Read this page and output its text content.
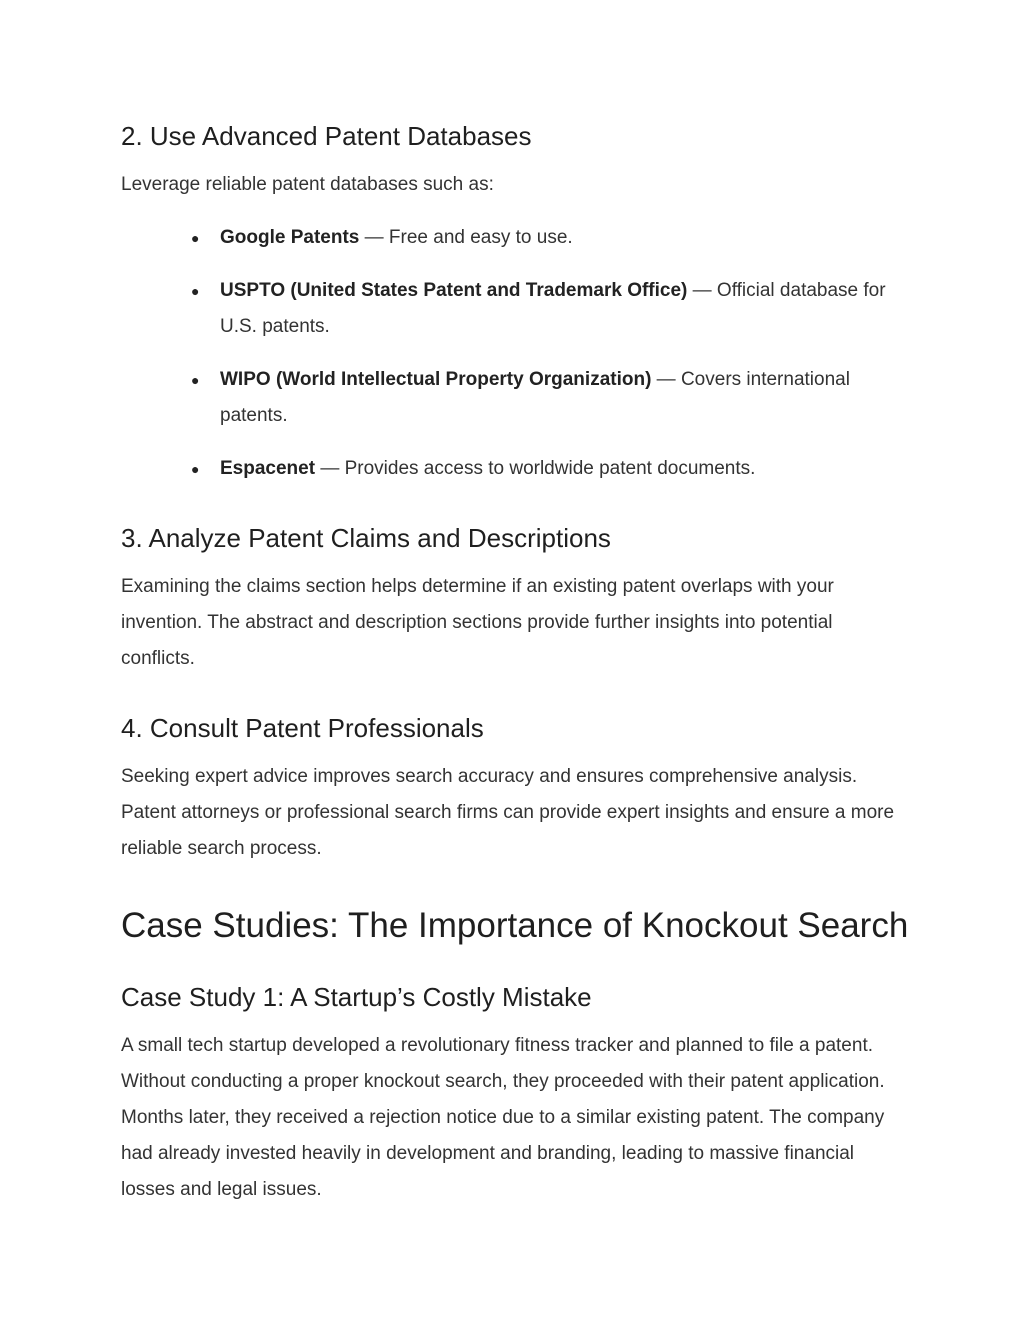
2. Use Advanced Patent Databases

Leverage reliable patent databases such as:

● Google Patents — Free and easy to use.
● USPTO (United States Patent and Trademark Office) — Official database for U.S. patents.
● WIPO (World Intellectual Property Organization) — Covers international patents.
● Espacenet — Provides access to worldwide patent documents.
3. Analyze Patent Claims and Descriptions

Examining the claims section helps determine if an existing patent overlaps with your invention. The abstract and description sections provide further insights into potential conflicts.

4. Consult Patent Professionals

Seeking expert advice improves search accuracy and ensures comprehensive analysis. Patent attorneys or professional search firms can provide expert insights and ensure a more reliable search process.

Case Studies: The Importance of Knockout Search
Case Study 1: A Startup’s Costly Mistake

A small tech startup developed a revolutionary fitness tracker and planned to file a patent. Without conducting a proper knockout search, they proceeded with their patent application. Months later, they received a rejection notice due to a similar existing patent. The company had already invested heavily in development and branding, leading to massive financial losses and legal issues.
